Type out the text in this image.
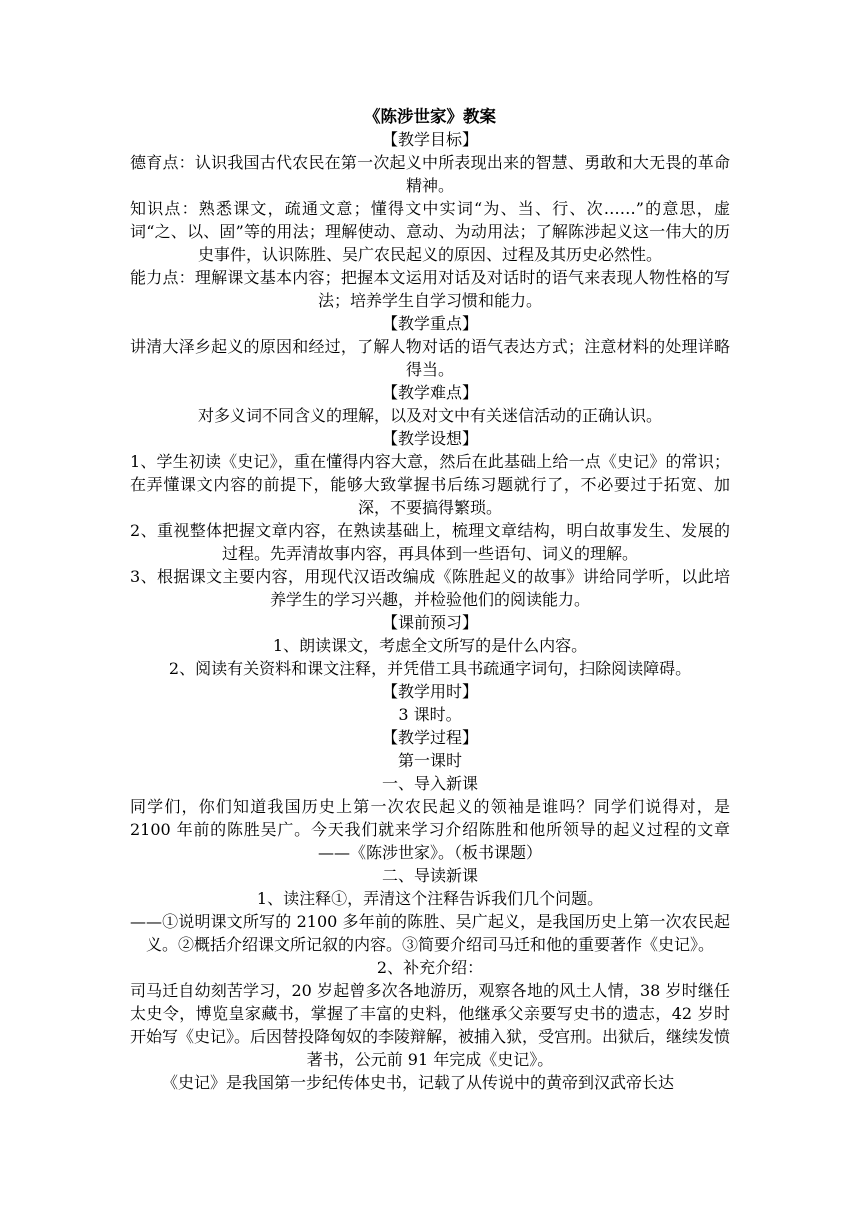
《陈涉世家》教案

【教学目标】

德育点：认识我国古代农民在第一次起义中所表现出来的智慧、勇敢和大无畏的革命精神。

知识点：熟悉课文，疏通文意；懂得文中实词“为、当、行、次……”的意思，虚词“之、以、固”等的用法；理解使动、意动、为动用法；了解陈涉起义这一伟大的历史事件，认识陈胜、吴广农民起义的原因、过程及其历史必然性。

能力点：理解课文基本内容；把握本文运用对话及对话时的语气来表现人物性格的写法；培养学生自学习惯和能力。

【教学重点】

讲清大泽乡起义的原因和经过，了解人物对话的语气表达方式；注意材料的处理详略得当。

【教学难点】

对多义词不同含义的理解，以及对文中有关迷信活动的正确认识。

【教学设想】

1、学生初读《史记》，重在懂得内容大意，然后在此基础上给一点《史记》的常识；在弄懂课文内容的前提下，能够大致掌握书后练习题就行了，不必要过于拓宽、加深，不要搞得繁琐。

2、重视整体把握文章内容，在熟读基础上，梳理文章结构，明白故事发生、发展的过程。先弄清故事内容，再具体到一些语句、词义的理解。

3、根据课文主要内容，用现代汉语改编成《陈胜起义的故事》讲给同学听，以此培养学生的学习兴趣，并检验他们的阅读能力。

【课前预习】

1、朗读课文，考虑全文所写的是什么内容。

2、阅读有关资料和课文注释，并凭借工具书疏通字词句，扫除阅读障碍。

【教学用时】

3 课时。

【教学过程】

第一课时

一、导入新课

同学们，你们知道我国历史上第一次农民起义的领袖是谁吗？同学们说得对，是 2100 年前的陈胜吴广。今天我们就来学习介绍陈胜和他所领导的起义过程的文章——《陈涉世家》。（板书课题）

二、导读新课

1、读注释①，弄清这个注释告诉我们几个问题。

——①说明课文所写的 2100 多年前的陈胜、吴广起义，是我国历史上第一次农民起义。②概括介绍课文所记叙的内容。③简要介绍司马迁和他的重要著作《史记》。

2、补充介绍：

司马迁自幼刻苦学习，20 岁起曾多次各地游历，观察各地的风土人情，38 岁时继任太史令，博览皇家藏书，掌握了丰富的史料，他继承父亲要写史书的遗志，42 岁时开始写《史记》。后因替投降匈奴的李陵辩解，被捕入狱，受宫刑。出狱后，继续发愤著书，公元前 91 年完成《史记》。

《史记》是我国第一步纪传体史书，记载了从传说中的黄帝到汉武帝长达
